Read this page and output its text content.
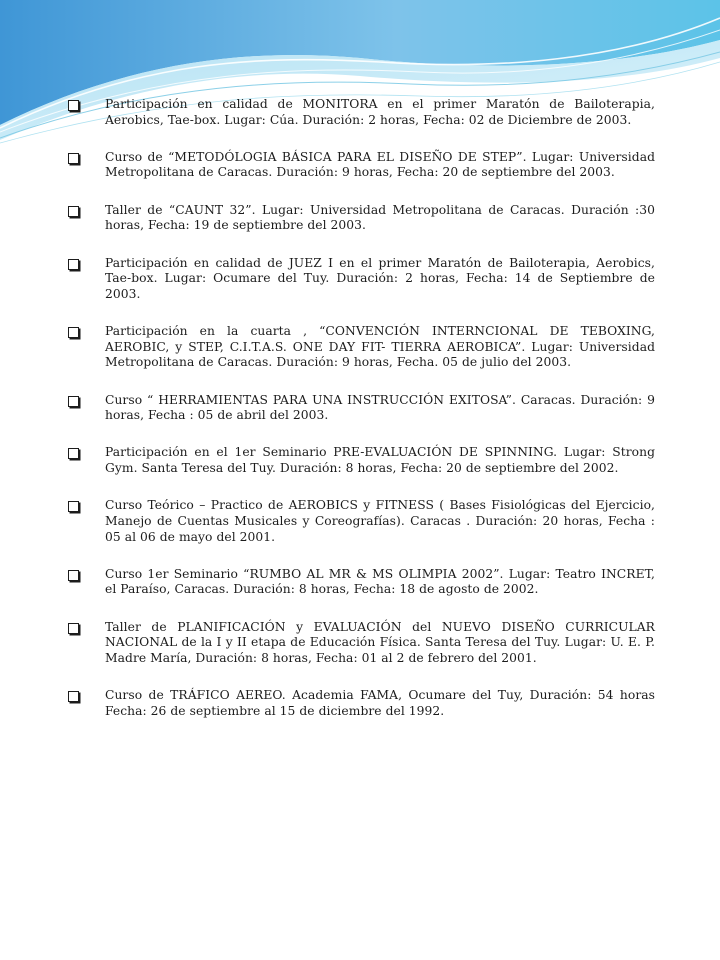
Participación en calidad de MONITORA en el primer Maratón de Bailoterapia, Aerobics, Tae-box. Lugar: Cúa. Duración: 2 horas, Fecha: 02 de Diciembre de 2003.
Curso de “METODÓLOGIA BÁSICA PARA EL DISEÑO DE STEP”. Lugar: Universidad Metropolitana de Caracas. Duración: 9 horas, Fecha: 20 de septiembre del 2003.
Taller de “CAUNT 32”. Lugar: Universidad Metropolitana de Caracas. Duración :30 horas, Fecha: 19 de septiembre del 2003.
Participación en calidad de JUEZ I en el primer Maratón de Bailoterapia, Aerobics, Tae-box. Lugar: Ocumare del Tuy. Duración: 2 horas, Fecha: 14 de Septiembre de 2003.
Participación en la cuarta , “CONVENCIÓN INTERNCIONAL DE TEBOXING, AEROBIC, y STEP, C.I.T.A.S. ONE DAY FIT- TIERRA AEROBICA”. Lugar: Universidad Metropolitana de Caracas. Duración: 9 horas, Fecha. 05 de julio del 2003.
Curso “ HERRAMIENTAS PARA UNA INSTRUCCIÓN EXITOSA”. Caracas. Duración: 9 horas, Fecha : 05 de abril del 2003.
Participación en el 1er Seminario PRE-EVALUACIÓN DE SPINNING. Lugar: Strong Gym. Santa Teresa del Tuy. Duración: 8 horas, Fecha: 20 de septiembre del 2002.
Curso Teórico – Practico de AEROBICS y FITNESS ( Bases Fisiológicas del Ejercicio, Manejo de Cuentas Musicales y Coreografías). Caracas . Duración: 20 horas, Fecha : 05 al 06 de mayo del 2001.
Curso 1er Seminario “RUMBO AL MR & MS OLIMPIA 2002”. Lugar: Teatro INCRET, el Paraíso, Caracas. Duración: 8 horas, Fecha: 18 de agosto de 2002.
Taller de PLANIFICACIÓN y EVALUACIÓN del NUEVO DISEÑO CURRICULAR NACIONAL de la I y II etapa de Educación Física. Santa Teresa del Tuy. Lugar: U. E. P. Madre María, Duración: 8 horas, Fecha: 01 al 2 de febrero del 2001.
Curso de TRÁFICO AEREO. Academia FAMA, Ocumare del Tuy, Duración: 54 horas Fecha: 26 de septiembre al 15 de diciembre del 1992.
